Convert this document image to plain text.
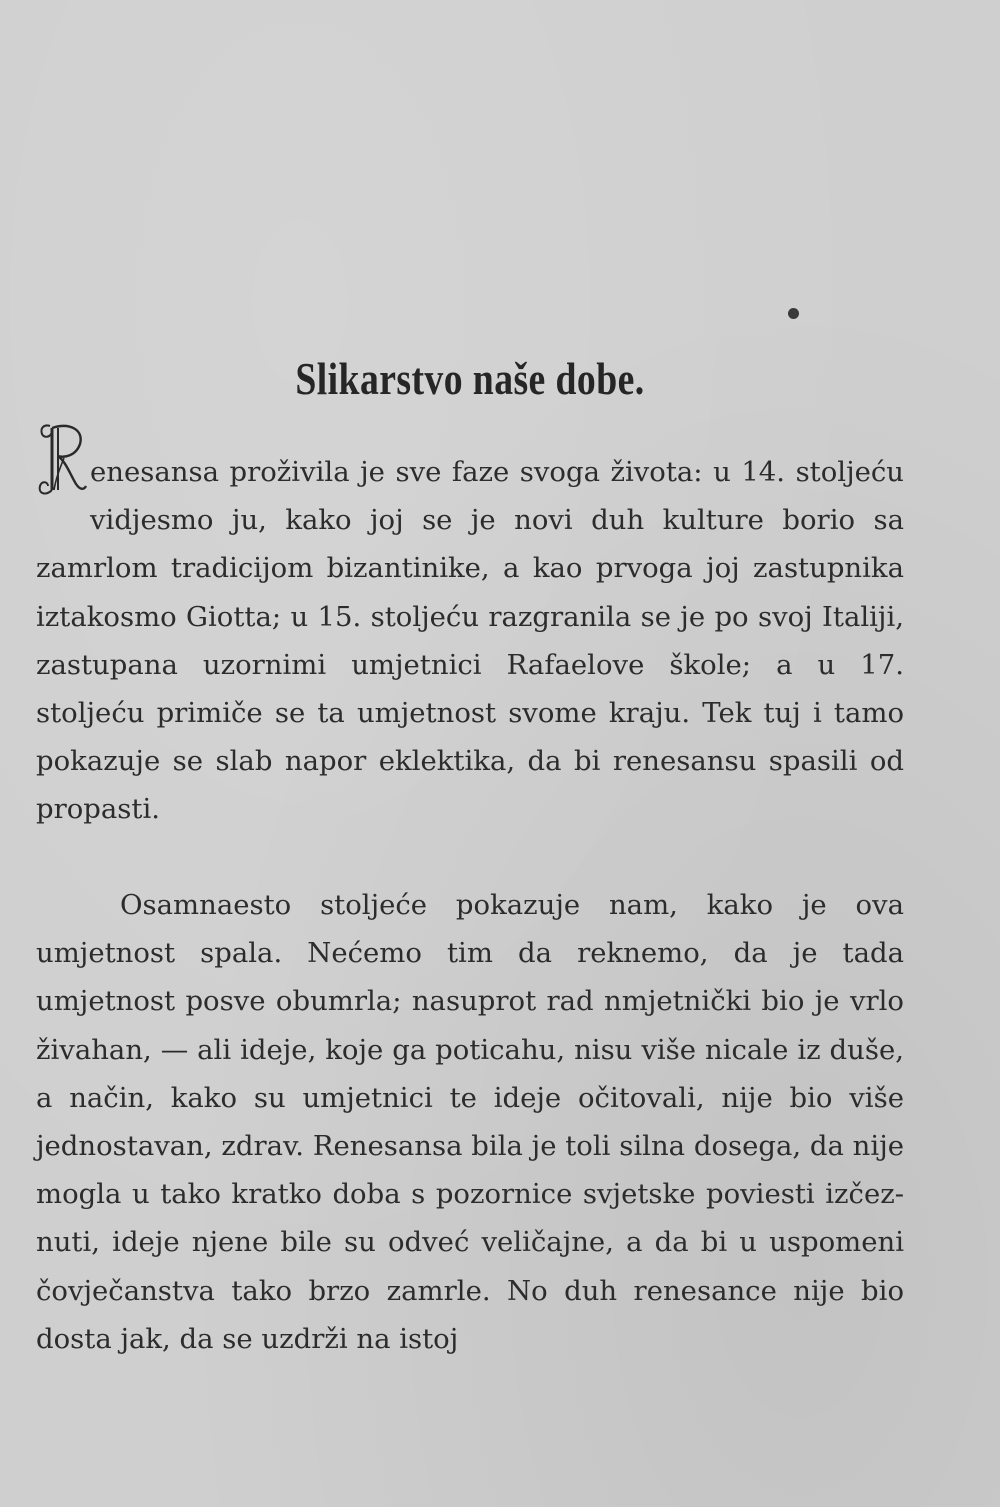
Slikarstvo naše dobe.

enesansa proživila je sve faze svoga života: u 14. stoljeću vidjesmo ju, kako joj se je novi duh kulture borio sa zamrlom tradicijom bizantinike, a kao prvoga joj zastupnika iztakosmo Giotta; u 15. stoljeću razgranila se je po svoj Italiji, zastupana uzornimi umjetnici Rafaelove škole; a u 17. stoljeću primiče se ta umjetnost svome kraju. Tek tuj i tamo pokazuje se slab napor eklektika, da bi renesansu spasili od propasti.

Osamnaesto stoljeće pokazuje nam, kako je ova umjetnost spala. Nećemo tim da reknemo, da je tada umjetnost posve obumrla; nasuprot rad nmjetnički bio je vrlo živahan, — ali ideje, koje ga poticahu, nisu više nicale iz duše, a način, kako su umjetnici te ideje očitovali, nije bio više jednostavan, zdrav. Renesansa bila je toli silna dosega, da nije mogla u tako kratko doba s pozornice svjetske poviesti izčeznuti, ideje njene bile su odveć veličajne, a da bi u uspomeni čovječanstva tako brzo zamrle. No duh renesance nije bio dosta jak, da se uzdrži na istoj
